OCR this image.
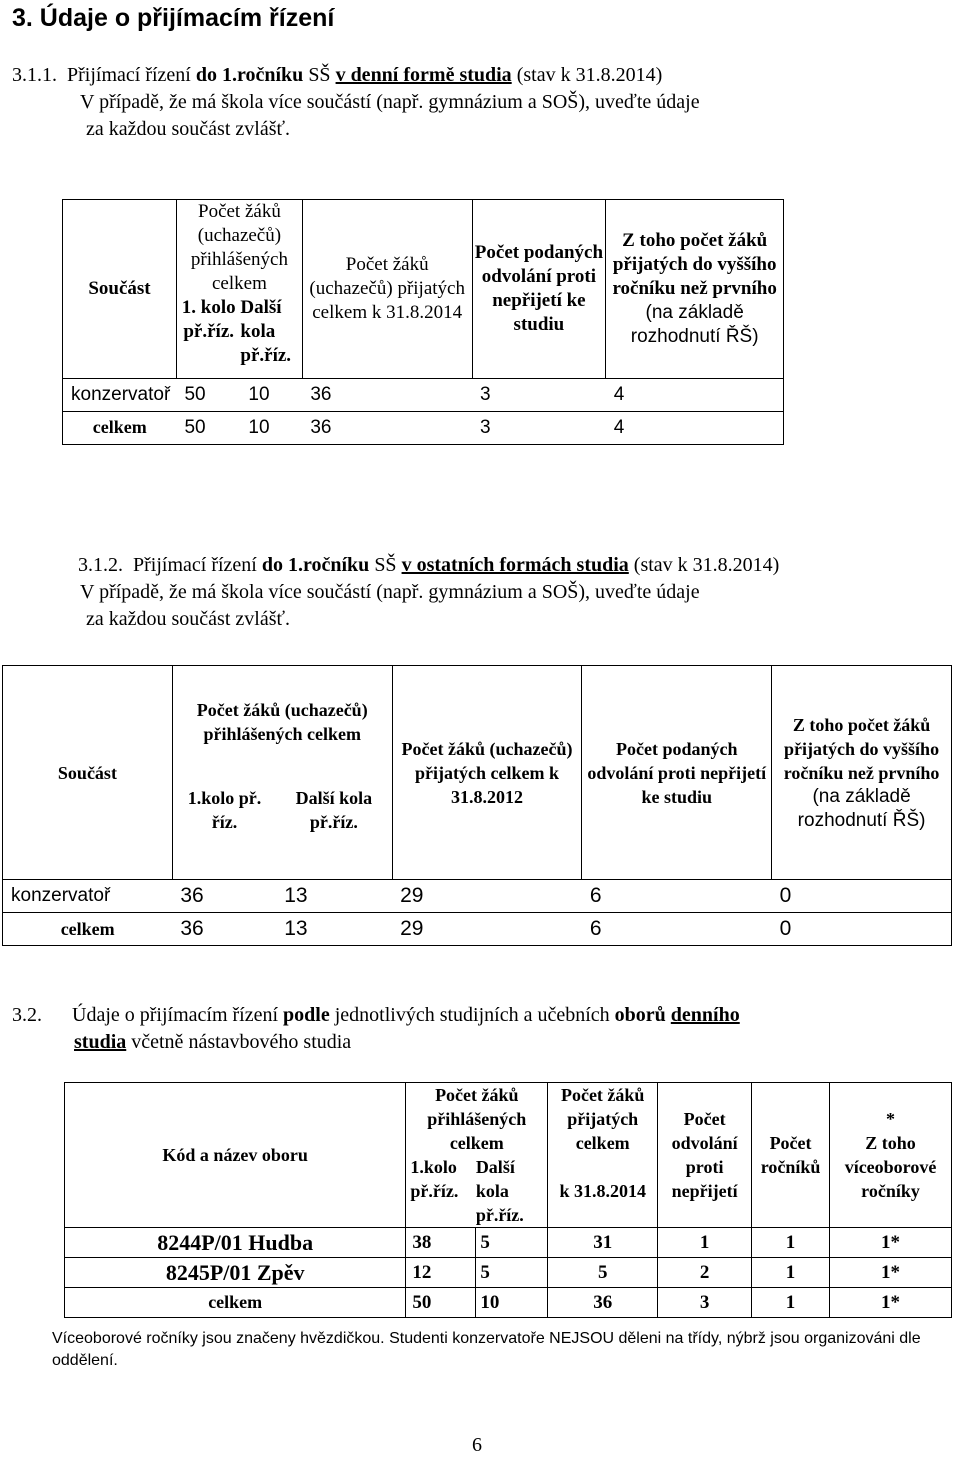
3. Údaje o přijímacím řízení
3.1.1. Přijímací řízení do 1.ročníku SŠ v denní formě studia (stav k 31.8.2014)
V případě, že má škola více součástí (např. gymnázium a SOŠ), uveďte údaje
za každou součást zvlášť.
Součást	Počet žáků (uchazečů) přihlášených celkem		Počet žáků (uchazečů) přijatých celkem k 31.8.2014	Počet podaných odvolání proti nepřijetí ke studiu	Z toho počet žáků přijatých do vyššího ročníku než prvního
(na základě rozhodnutí ŘŠ)

	1. kolo př.říz.	Další kola př.říz.			
konzervatoř	50	10	36	3	4
celkem	50	10	36	3	4
3.1.2. Přijímací řízení do 1.ročníku SŠ v ostatních formách studia (stav k 31.8.2014)
V případě, že má škola více součástí (např. gymnázium a SOŠ), uveďte údaje
za každou součást zvlášť.
Součást	Počet žáků (uchazečů) přihlášených celkem		Počet žáků (uchazečů) přijatých celkem k 31.8.2012	Počet podaných odvolání proti nepřijetí ke studiu	Z toho počet žáků přijatých do vyššího ročníku než prvního
(na základě rozhodnutí ŘŠ)

	1.kolo př. říz.	Další kola př.říz.			
konzervatoř	36	13	29	6	0
celkem	36	13	29	6	0
3.2. Údaje o přijímacím řízení podle jednotlivých studijních a učebních oborů denního
studia včetně nástavbového studia
Kód a název oboru	Počet žáků přihlášených celkem		Počet žáků přijatých celkem	Počet odvolání proti nepřijetí	Počet ročníků	*
Z toho víceoborové ročníky

	1.kolo př.říz.	Další kola př.říz.	k 31.8.2014			
8244P/01 Hudba	38	5	31	1	1	1*
8245P/01 Zpěv	12	5	5	2	1	1*
celkem	50	10	36	3	1	1*
Víceoborové ročníky jsou značeny hvězdičkou. Studenti konzervatoře NEJSOU děleni na třídy, nýbrž jsou organizováni dle oddělení.
6
